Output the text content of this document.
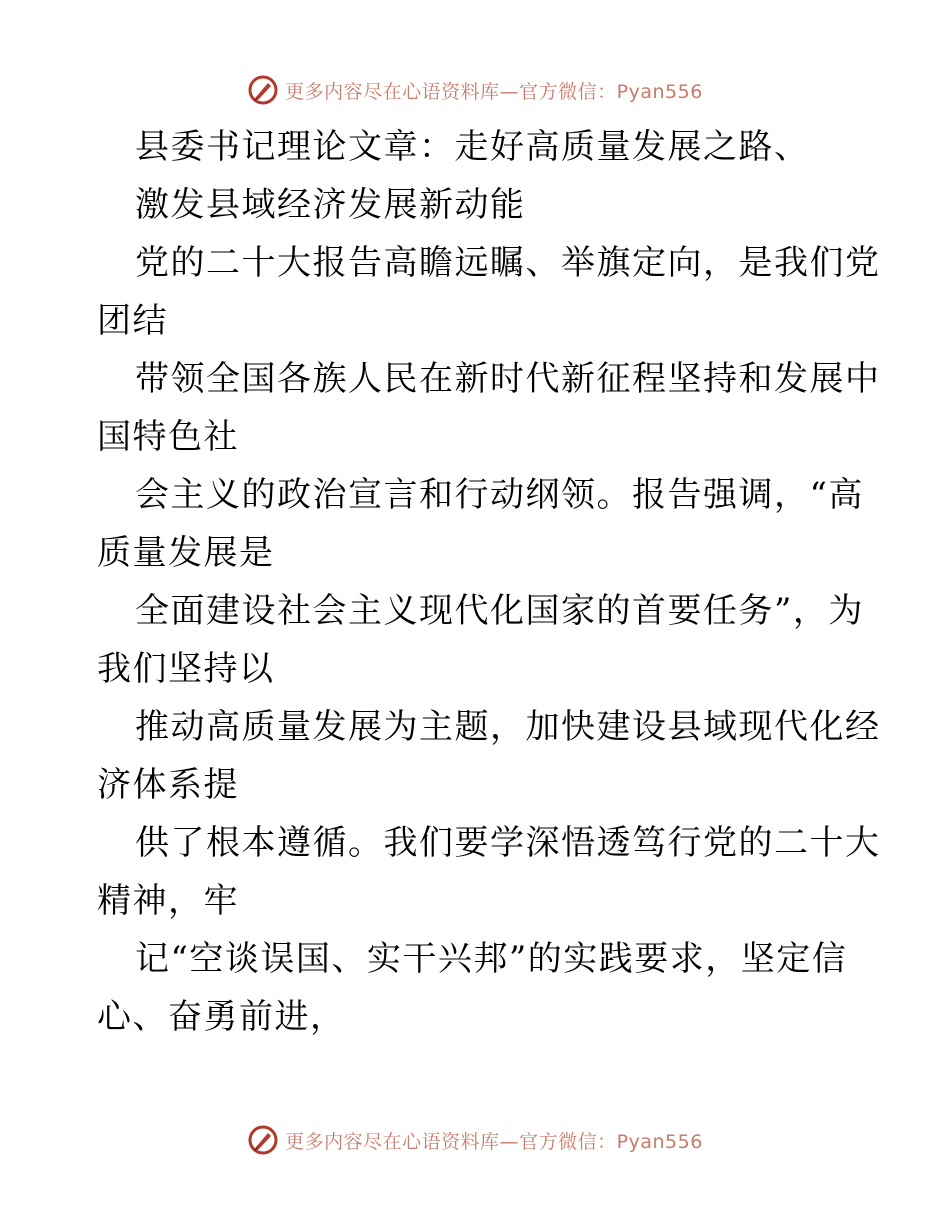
更多内容尽在心语资料库—官方微信：Pyan556
县委书记理论文章：走好高质量发展之路、
激发县域经济发展新动能
党的二十大报告高瞻远瞩、举旗定向，是我们党
团结
带领全国各族人民在新时代新征程坚持和发展中
国特色社
会主义的政治宣言和行动纲领。报告强调，“高
质量发展是
全面建设社会主义现代化国家的首要任务”，为
我们坚持以
推动高质量发展为主题，加快建设县域现代化经
济体系提
供了根本遵循。我们要学深悟透笃行党的二十大
精神，牢
记“空谈误国、实干兴邦”的实践要求，坚定信
心、奋勇前进，
更多内容尽在心语资料库—官方微信：Pyan556
